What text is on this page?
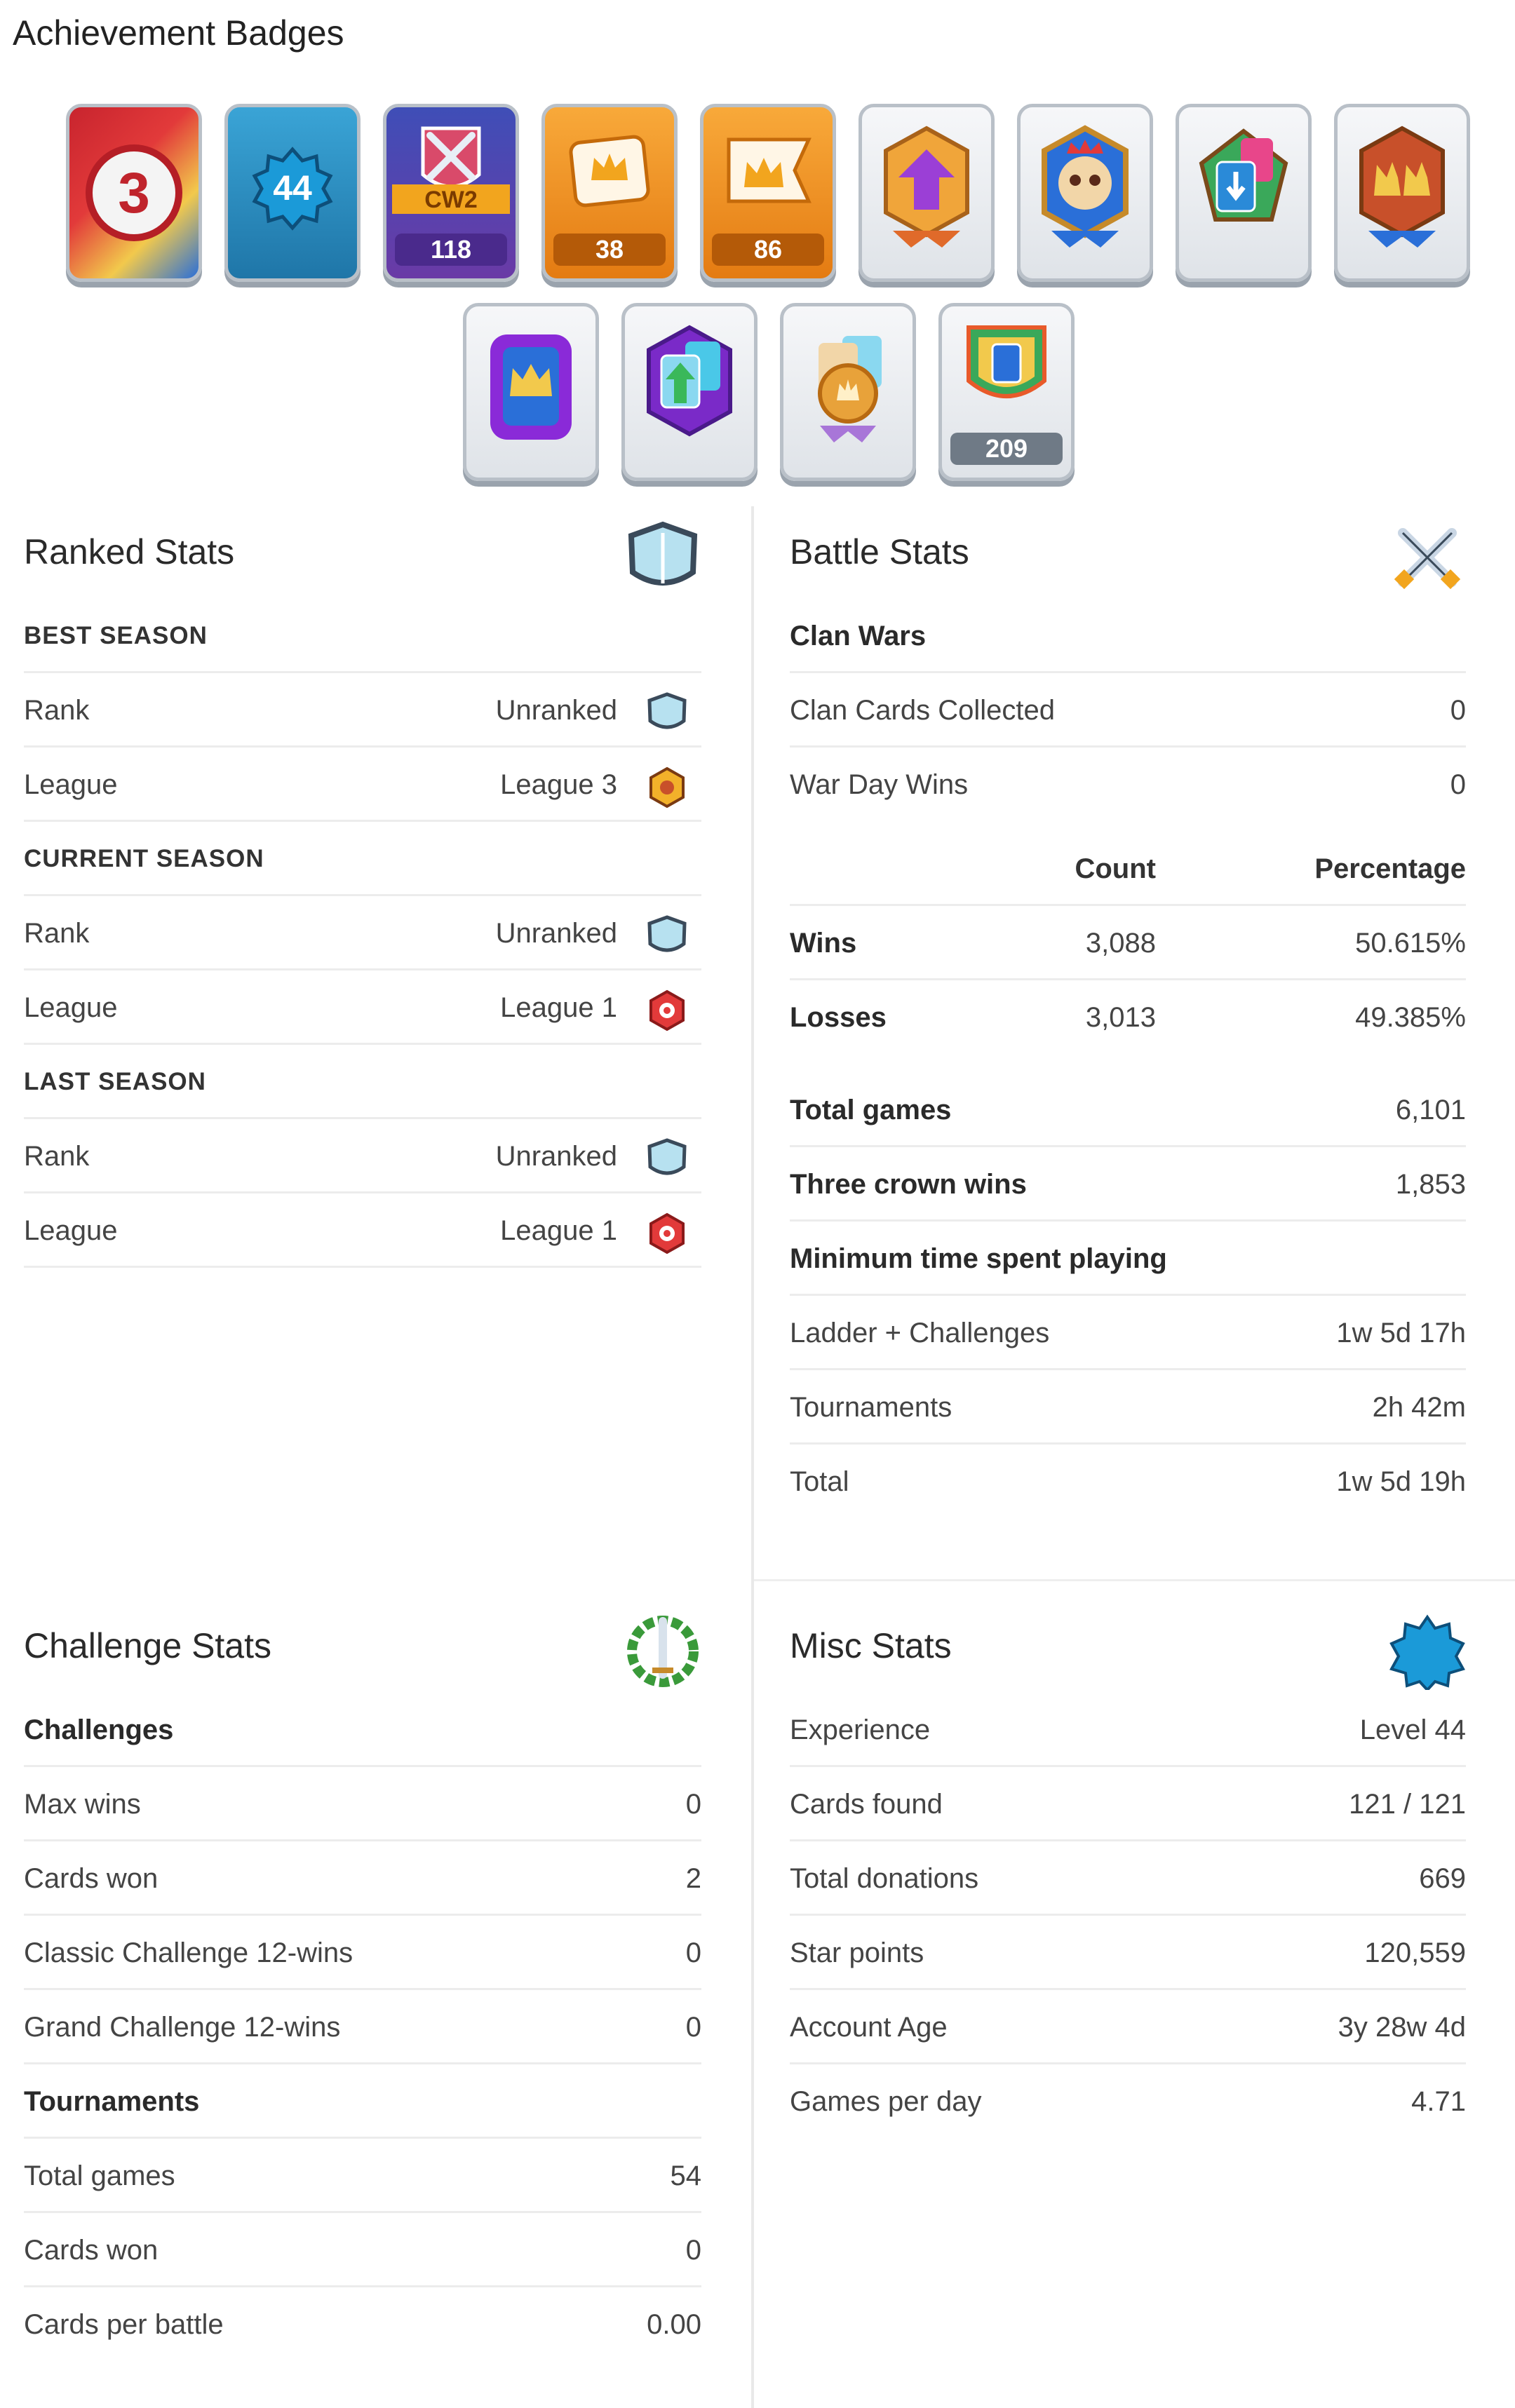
Achievement Badges
3	44	CW2
118	38	86
209
Ranked Stats
BEST SEASON
Rank	Unranked
League	League 3
CURRENT SEASON
Rank	Unranked
League	League 1
LAST SEASON
Rank	Unranked
League	League 1
Battle Stats
Clan Wars
Clan Cards Collected	0
War Day Wins	0
Count	Percentage
Wins	3,088	50.615%
Losses	3,013	49.385%
Total games	6,101
Three crown wins	1,853
Minimum time spent playing
Ladder + Challenges	1w 5d 17h
Tournaments	2h 42m
Total	1w 5d 19h
Challenge Stats
Challenges
Max wins	0
Cards won	2
Classic Challenge 12-wins	0
Grand Challenge 12-wins	0
Tournaments
Total games	54
Cards won	0
Cards per battle	0.00
Misc Stats
Experience	Level 44
Cards found	121 / 121
Total donations	669
Star points	120,559
Account Age	3y 28w 4d
Games per day	4.71
